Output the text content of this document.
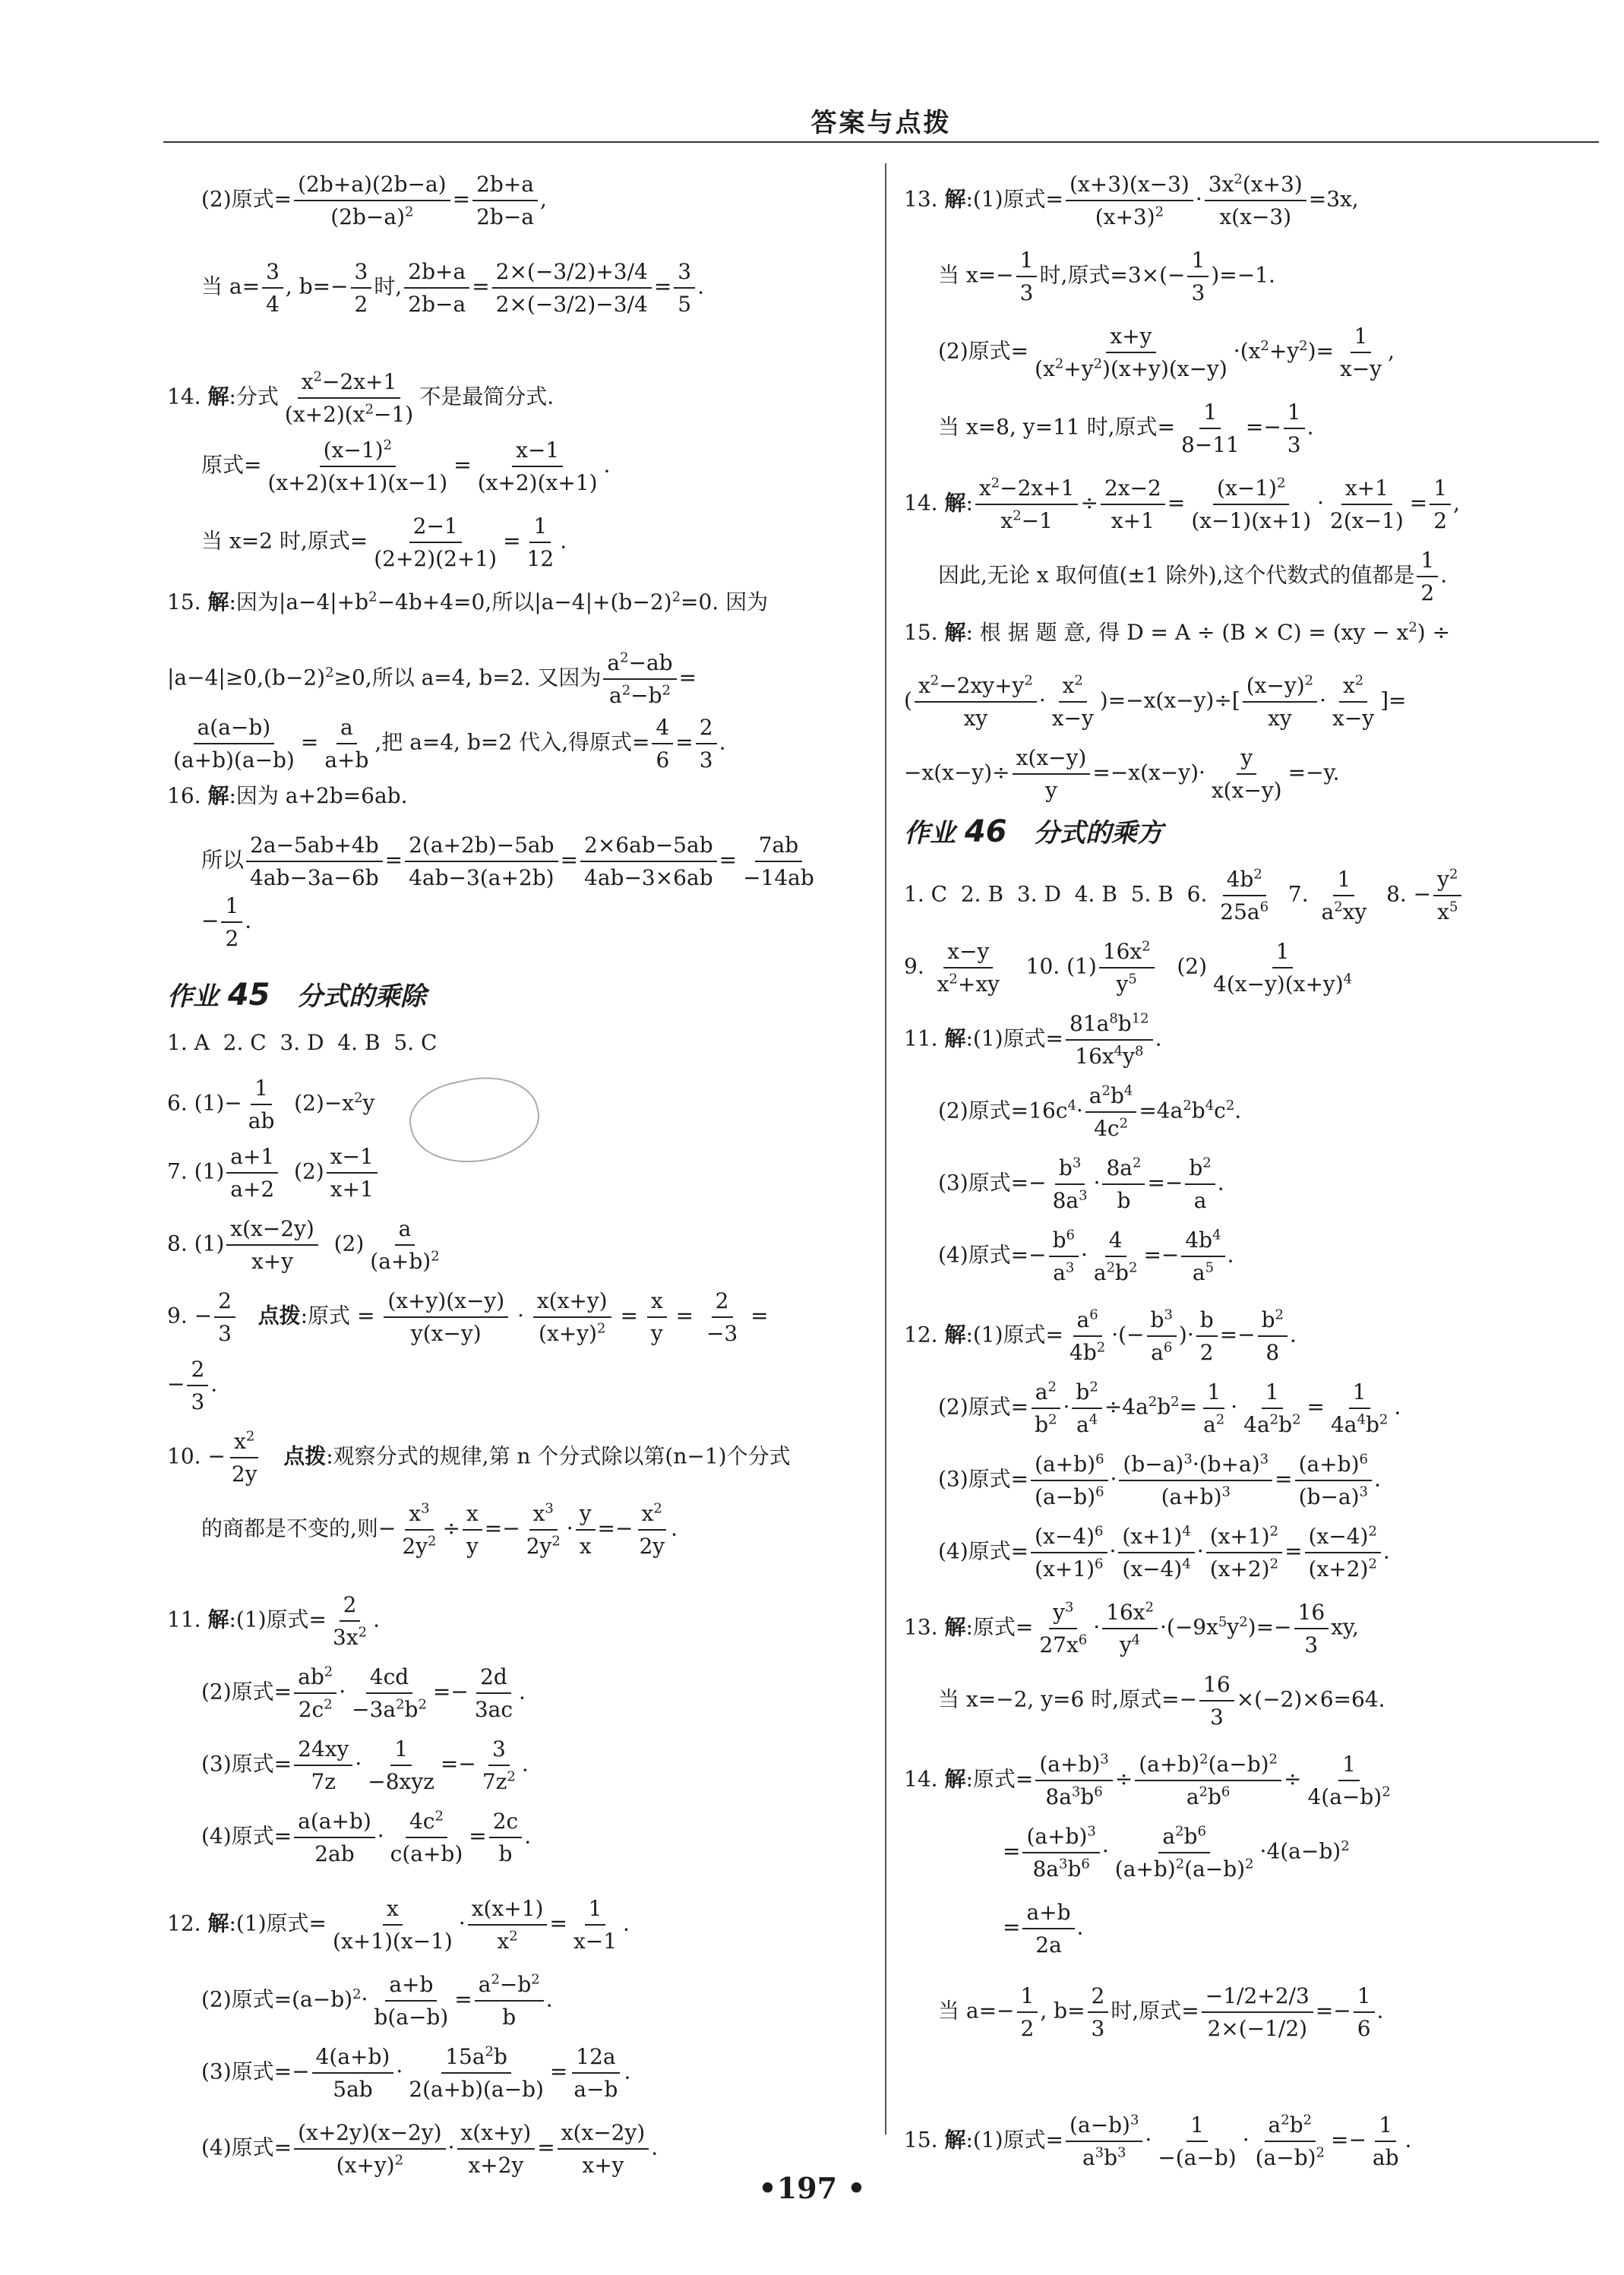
答案与点拨
(2)原式= $\frac{(2b+a)(2b-a)}{(2b-a)^2} = \frac{2b+a}{2b-a}$ ,
当 $a= \frac{3}{4}$ , $b=- \frac{3}{2}$ 时, $\frac{2b+a}{2b-a} = \frac{2\times(-3/2)+3/4}{2\times(-3/2)-3/4} = \frac{3}{5}$ .
14. 解:分式 $\frac{x^2-2x+1}{(x+2)(x^2-1)}$ 不是最简分式.
原式= $\frac{(x-1)^2}{(x+2)(x+1)(x-1)} = \frac{x-1}{(x+2)(x+1)}$ .
当 x=2 时,原式= $\frac{2-1}{(2+2)(2+1)} = \frac{1}{12}$ .
15. 解:因为$|a-4|+b^2-4b+4=0$,所以$|a-4|+(b-2)^2=0$. 因为
$|a-4|\ge 0,(b-2)^2\ge 0$,所以 a=4, b=2. 又因为 $\frac{a^2-ab}{a^2-b^2}$ =
$\frac{a(a-b)}{(a+b)(a-b)} = \frac{a}{a+b}$ ,把 a=4, b=2 代入,得原式= $\frac{4}{6} = \frac{2}{3}$ .
16. 解:因为 a+2b=6ab.
所以 $\frac{2a-5ab+4b}{4ab-3a-6b} = \frac{2(a+2b)-5ab}{4ab-3(a+2b)} = \frac{2\times 6ab-5ab}{4ab-3\times 6ab} = \frac{7ab}{-14ab}$
− $\frac{1}{2}$ .
作业 45   分式的乘除
1. A  2. C  3. D  4. B  5. C
6. $(1)- \frac{1}{ab} (2)-x^2y$
7. $(1) \frac{a+1}{a+2} (2) \frac{x-1}{x+1}$
8. $(1) \frac{x(x-2y)}{x+y} (2) \frac{a}{(a+b)^2}$
9. − $\frac{2}{3}$ 点拨:原式 = $\frac{(x+y)(x-y)}{y(x-y)} \cdot \frac{x(x+y)}{(x+y)^2} = \frac{x}{y} = \frac{2}{-3}$ =
− $\frac{2}{3}$ .
10. − $\frac{x^2}{2y}$ 点拨:观察分式的规律,第 n 个分式除以第(n−1)个分式
的商都是不变的,则− $\frac{x^3}{2y^2} \div \frac{x}{y} =- \frac{x^3}{2y^2} \cdot \frac{y}{x} =- \frac{x^2}{2y}$ .
11. 解:(1)原式= $\frac{2}{3x^2}$ .
(2)原式= $\frac{ab^2}{2c^2} \cdot \frac{4cd}{-3a^2b^2} =- \frac{2d}{3ac}$ .
(3)原式= $\frac{24xy}{7z} \cdot \frac{1}{\text{−8xyz}} =- \frac{3}{7z^2}$ .
(4)原式= $\frac{a(a+b)}{2ab} \cdot \frac{4c^2}{c(a+b)} = \frac{2c}{b}$ .
12. 解:(1)原式= $\frac{x}{(x+1)(x-1)} \cdot \frac{x(x+1)}{x^2} = \frac{1}{x-1}$ .
(2)原式$=(a-b)^2\cdot \frac{a+b}{b(a-b)} = \frac{a^2-b^2}{b}$ .
(3)原式=− $\frac{4(a+b)}{5ab} \cdot \frac{15a^2b}{2(a+b)(a-b)} = \frac{12a}{a-b}$ .
(4)原式= $\frac{(x+2y)(x-2y)}{(x+y)^2} \cdot \frac{x(x+y)}{x+2y} = \frac{x(x-2y)}{x+y}$ .
13. 解:(1)原式= $\frac{(x+3)(x-3)}{(x+3)^2} \cdot \frac{3x^2(x+3)}{x(x-3)} =3x$,
当 $x=- \frac{1}{3}$ 时,原式$=3\times(- \frac{1}{3} )=-1$.
(2)原式= $\frac{x+y}{(x^2+y^2)(x+y)(x-y)} \cdot(x^2+y^2)= \frac{1}{x-y}$ ,
当 x=8, y=11 时,原式= $\frac{1}{8-11} =- \frac{1}{3}$ .
14. 解: $\frac{x^2-2x+1}{x^2-1} \div \frac{2x-2}{x+1} = \frac{(x-1)^2}{(x-1)(x+1)} \cdot \frac{x+1}{2(x-1)} = \frac{1}{2}$ ,
因此,无论 x 取何值(±1 除外),这个代数式的值都是 $\frac{1}{2}$ .
15. 解: 根 据 题 意, 得 $D = A \div (B \times C) = (xy - x^2)$ ÷
( $\frac{x^2-2xy+y^2}{xy} \cdot \frac{x^2}{x-y} )=-x(x-y)\div[ \frac{(x-y)^2}{xy} \cdot \frac{x^2}{x-y}$ ]=
$-x(x-y)\div \frac{x(x-y)}{y} =-x(x-y)\cdot \frac{y}{x(x-y)} =-y$.
作业 46   分式的乘方
1. C  2. B  3. D  4. B  5. B  6. $\frac{4b^2}{25a^6} 7$. $\frac{1}{a^2xy} 8$. − $\frac{y^2}{x^5}$
9. $\frac{x-y}{x^2+xy} 10$. $(1) \frac{16x^2}{y^5} (2) \frac{1}{4(x-y)(x+y)^4}$
11. 解:(1)原式= $\frac{81a^8b^{12}}{16x^4y^8}$ .
(2)原式$=16c^4\cdot \frac{a^2b^4}{4c^2} =4a^2b^4c^2$.
(3)原式=− $\frac{b^3}{8a^3} \cdot \frac{8a^2}{b} =- \frac{b^2}{a}$ .
(4)原式=− $\frac{b^6}{a^3} \cdot \frac{4}{a^2b^2} =- \frac{4b^4}{a^5}$ .
12. 解:(1)原式= $\frac{a^6}{4b^2}$ ·(− $\frac{b^3}{a^6}$ )· $\frac{b}{2} =- \frac{b^2}{8}$ .
(2)原式= $\frac{a^2}{b^2} \cdot \frac{b^2}{a^4} \div 4a^2b^2= \frac{1}{a^2} \cdot \frac{1}{4a^2b^2} = \frac{1}{4a^4b^2}$ .
(3)原式= $\frac{(a+b)^6}{(a-b)^6} \cdot \frac{(b-a)^3\cdot(b+a)^3}{(a+b)^3} = \frac{(a+b)^6}{(b-a)^3}$ .
(4)原式= $\frac{(x-4)^6}{(x+1)^6} \cdot \frac{(x+1)^4}{(x-4)^4} \cdot \frac{(x+1)^2}{(x+2)^2} = \frac{(x-4)^2}{(x+2)^2}$ .
13. 解:原式= $\frac{y^3}{27x^6} \cdot \frac{16x^2}{y^4} \cdot(-9x^5y^2)=- \frac{16}{3}$ xy,
当 x=−2, y=6 时,原式=− $\frac{16}{3} \times(-2)\times 6=64$.
14. 解:原式= $\frac{(a+b)^3}{8a^3b^6} \div \frac{(a+b)^2(a-b)^2}{a^2b^6} \div \frac{1}{4(a-b)^2}$
= $\frac{(a+b)^3}{8a^3b^6} \cdot \frac{a^2b^6}{(a+b)^2(a-b)^2} \cdot 4(a-b)^2$
= $\frac{a+b}{2a}$ .
当 $a=- \frac{1}{2}$ , $b= \frac{2}{3}$ 时,原式= $\frac{-1/2+2/3}{2\times(-1/2)} =- \frac{1}{6}$ .
15. 解:(1)原式= $\frac{(a-b)^3}{a^3b^3} \cdot \frac{1}{-(a-b)} \cdot \frac{a^2b^2}{(a-b)^2} =- \frac{1}{ab}$ .
•197 •
